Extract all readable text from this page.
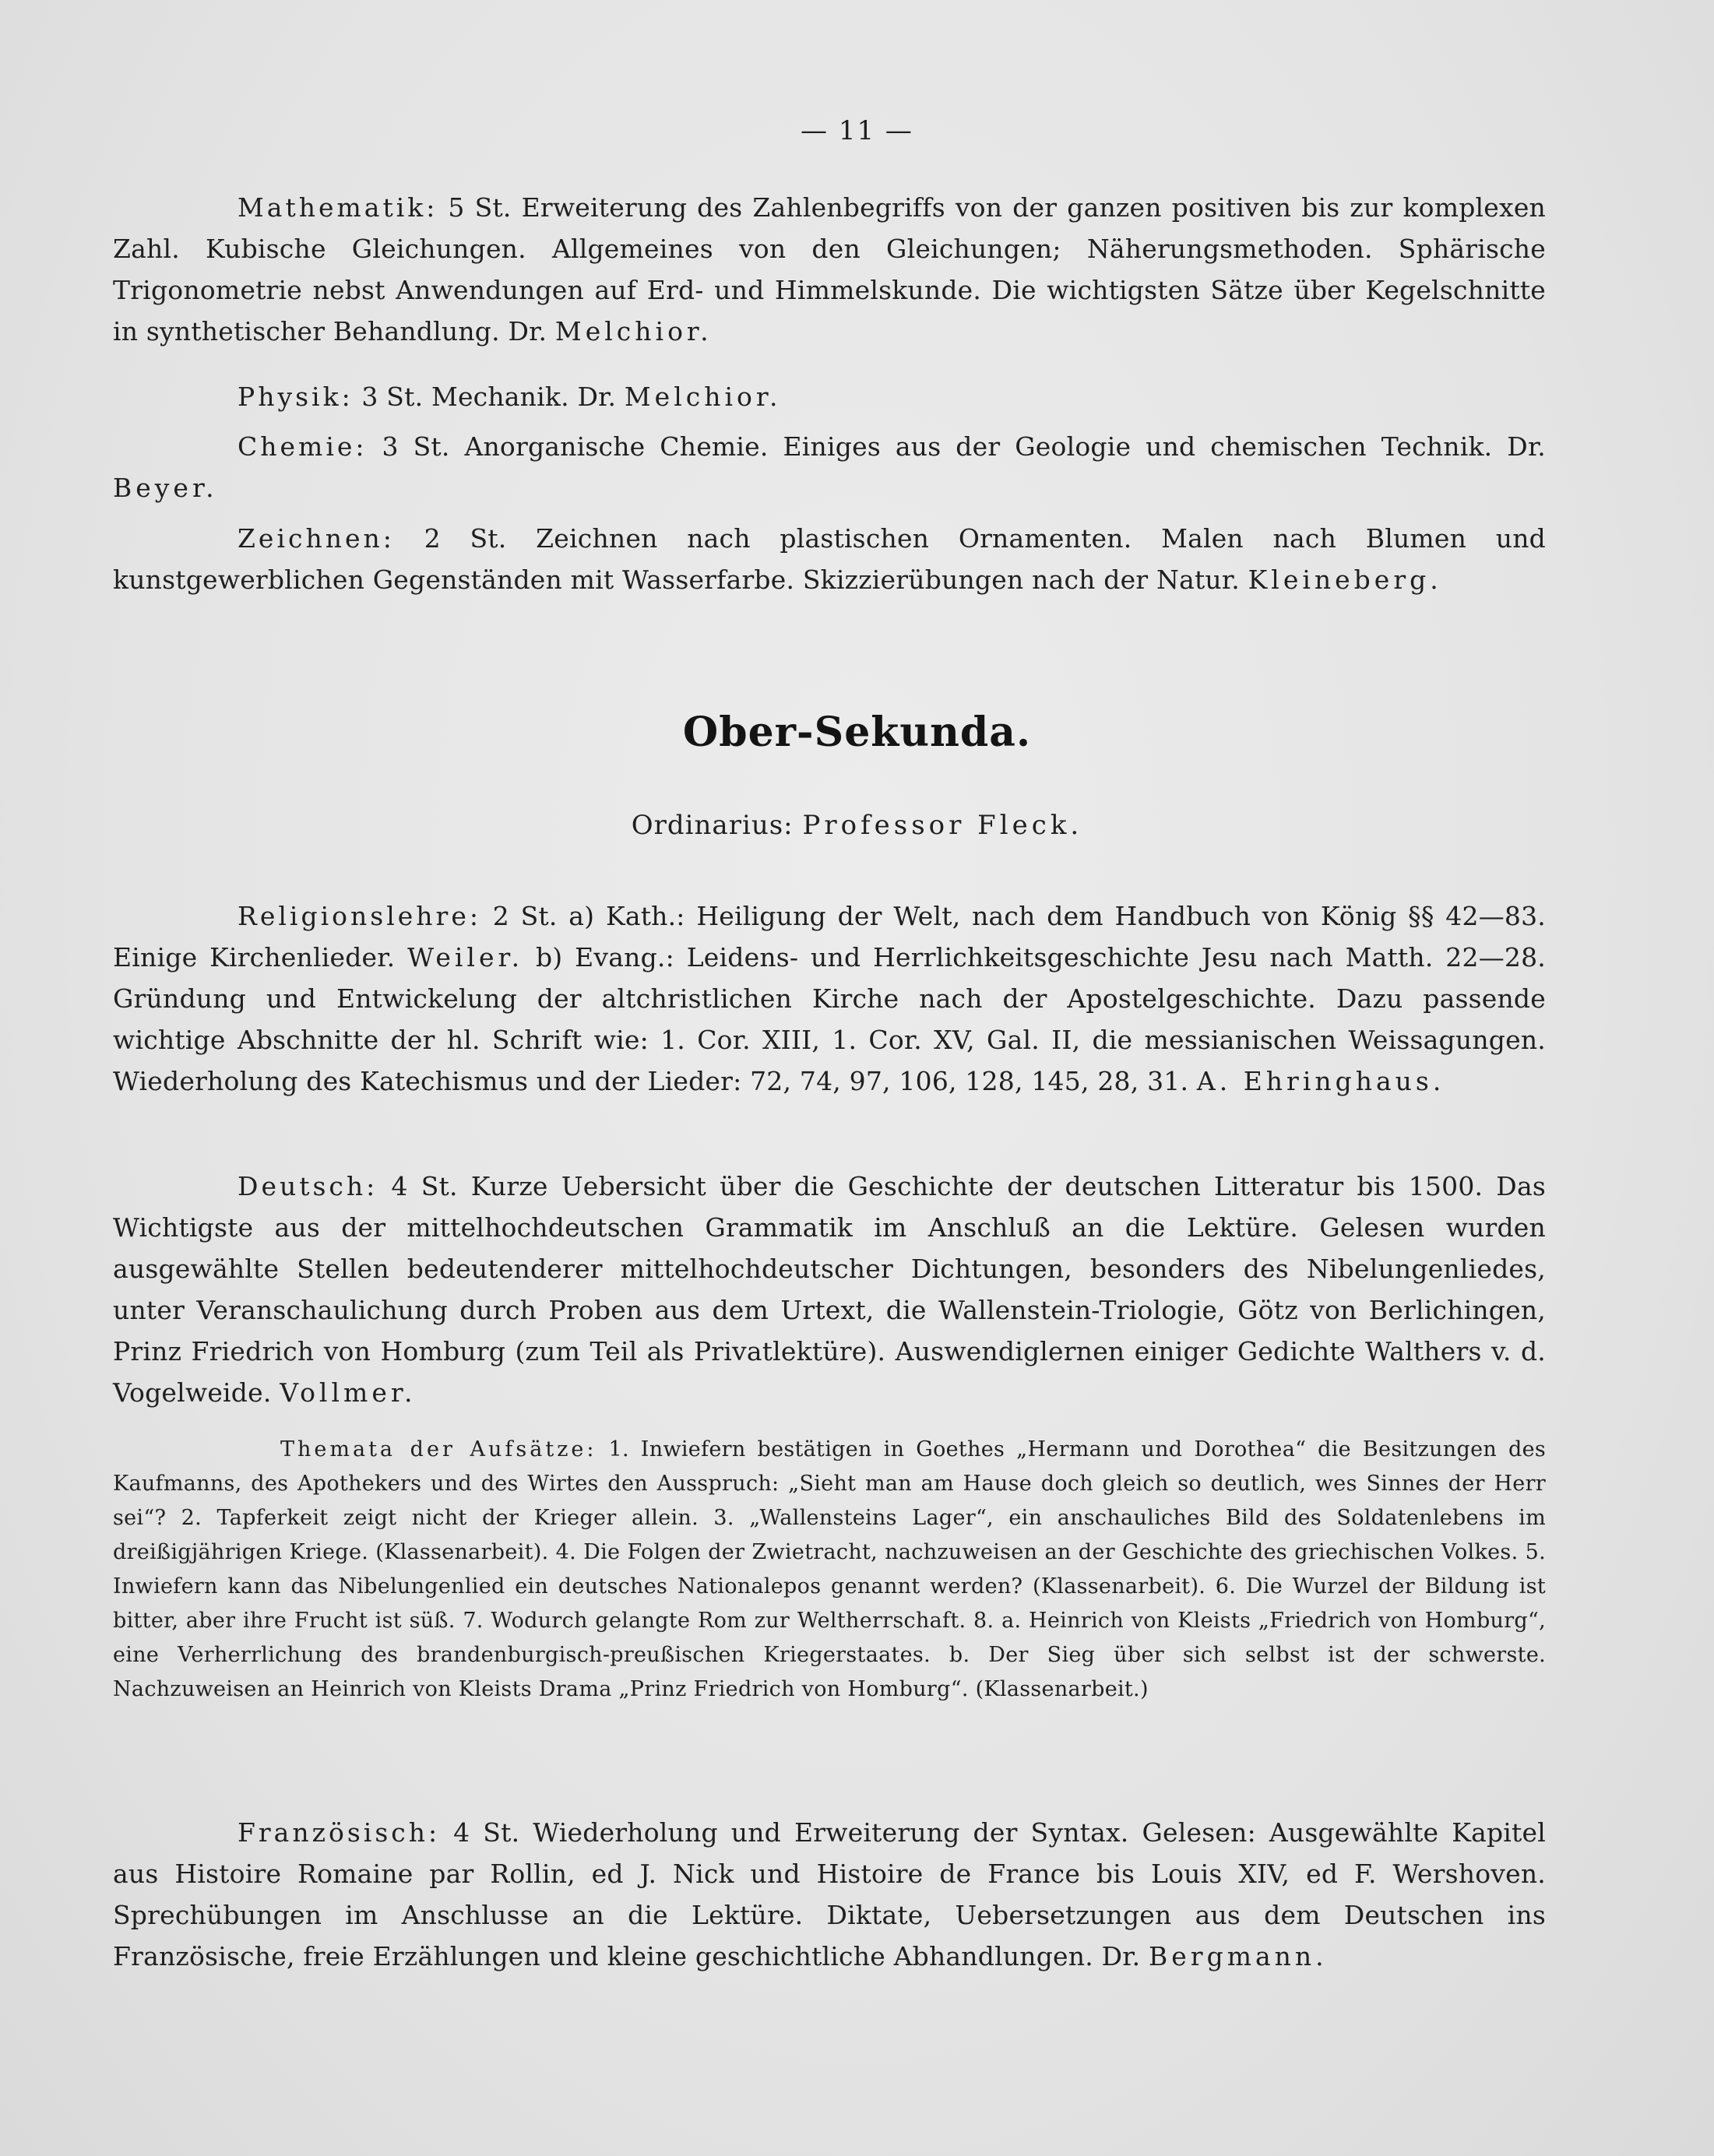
— 11 —

Mathematik: 5 St. Erweiterung des Zahlenbegriffs von der ganzen positiven bis zur komplexen Zahl. Kubische Gleichungen. Allgemeines von den Gleichungen; Näherungsmethoden. Sphärische Trigonometrie nebst Anwendungen auf Erd- und Himmelskunde. Die wichtigsten Sätze über Kegelschnitte in synthetischer Behandlung. Dr. Melchior.

Physik: 3 St. Mechanik. Dr. Melchior.

Chemie: 3 St. Anorganische Chemie. Einiges aus der Geologie und chemischen Technik. Dr. Beyer.

Zeichnen: 2 St. Zeichnen nach plastischen Ornamenten. Malen nach Blumen und kunstgewerblichen Gegenständen mit Wasserfarbe. Skizzierübungen nach der Natur. Kleineberg.

Ober-Sekunda.
Ordinarius: Professor Fleck.

Religionslehre: 2 St. a) Kath.: Heiligung der Welt, nach dem Handbuch von König §§ 42—83. Einige Kirchenlieder. Weiler. b) Evang.: Leidens- und Herrlichkeitsgeschichte Jesu nach Matth. 22—28. Gründung und Entwickelung der altchristlichen Kirche nach der Apostelgeschichte. Dazu passende wichtige Abschnitte der hl. Schrift wie: 1. Cor. XIII, 1. Cor. XV, Gal. II, die messianischen Weissagungen. Wiederholung des Katechismus und der Lieder: 72, 74, 97, 106, 128, 145, 28, 31. A. Ehringhaus.

Deutsch: 4 St. Kurze Uebersicht über die Geschichte der deutschen Litteratur bis 1500. Das Wichtigste aus der mittelhochdeutschen Grammatik im Anschluß an die Lektüre. Gelesen wurden ausgewählte Stellen bedeutenderer mittelhochdeutscher Dichtungen, besonders des Nibelungenliedes, unter Veranschaulichung durch Proben aus dem Urtext, die Wallenstein-Triologie, Götz von Berlichingen, Prinz Friedrich von Homburg (zum Teil als Privatlektüre). Auswendiglernen einiger Gedichte Walthers v. d. Vogelweide. Vollmer.

Themata der Aufsätze: 1. Inwiefern bestätigen in Goethes „Hermann und Dorothea“ die Besitzungen des Kaufmanns, des Apothekers und des Wirtes den Ausspruch: „Sieht man am Hause doch gleich so deutlich, wes Sinnes der Herr sei“? 2. Tapferkeit zeigt nicht der Krieger allein. 3. „Wallensteins Lager“, ein anschauliches Bild des Soldatenlebens im dreißigjährigen Kriege. (Klassenarbeit). 4. Die Folgen der Zwietracht, nachzuweisen an der Geschichte des griechischen Volkes. 5. Inwiefern kann das Nibelungenlied ein deutsches Nationalepos genannt werden? (Klassenarbeit). 6. Die Wurzel der Bildung ist bitter, aber ihre Frucht ist süß. 7. Wodurch gelangte Rom zur Weltherrschaft. 8. a. Heinrich von Kleists „Friedrich von Homburg“, eine Verherrlichung des brandenburgisch-preußischen Kriegerstaates. b. Der Sieg über sich selbst ist der schwerste. Nachzuweisen an Heinrich von Kleists Drama „Prinz Friedrich von Homburg“. (Klassenarbeit.)

Französisch: 4 St. Wiederholung und Erweiterung der Syntax. Gelesen: Ausgewählte Kapitel aus Histoire Romaine par Rollin, ed J. Nick und Histoire de France bis Louis XIV, ed F. Wershoven. Sprechübungen im Anschlusse an die Lektüre. Diktate, Uebersetzungen aus dem Deutschen ins Französische, freie Erzählungen und kleine geschichtliche Abhandlungen. Dr. Bergmann.
